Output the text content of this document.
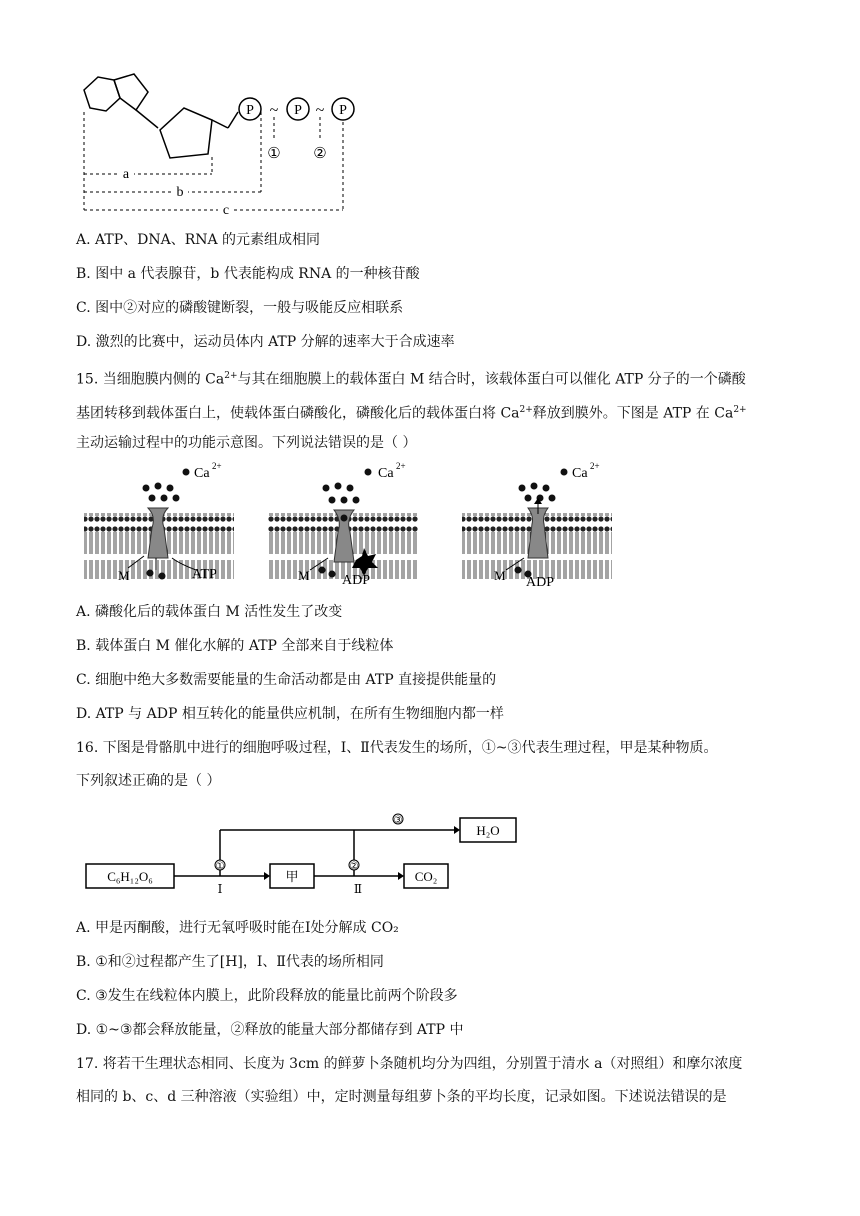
P ~ P ~ P
① ②
a
b
c
A. ATP、DNA、RNA 的元素组成相同
B. 图中 a 代表腺苷，b 代表能构成 RNA 的一种核苷酸
C. 图中②对应的磷酸键断裂，一般与吸能反应相联系
D. 激烈的比赛中，运动员体内 ATP 分解的速率大于合成速率
15. 当细胞膜内侧的 $Ca^{2+}$与其在细胞膜上的载体蛋白 M 结合时，该载体蛋白可以催化 ATP 分子的一个磷酸
基团转移到载体蛋白上，使载体蛋白磷酸化，磷酸化后的载体蛋白将 $Ca^{2+}$释放到膜外。下图是 ATP 在 $Ca^{2+}$
主动运输过程中的功能示意图。下列说法错误的是（ ）
Ca 2+
M	ATP
Ca 2+
M ADP
Ca 2+
M ADP
A. 磷酸化后的载体蛋白 M 活性发生了改变
B. 载体蛋白 M 催化水解的 ATP 全部来自于线粒体
C. 细胞中绝大多数需要能量的生命活动都是由 ATP 直接提供能量的
D. ATP 与 ADP 相互转化的能量供应机制，在所有生物细胞内都一样
16. 下图是骨骼肌中进行的细胞呼吸过程，Ⅰ、Ⅱ代表发生的场所，①~③代表生理过程，甲是某种物质。
下列叙述正确的是（ ）
C₆H₁₂O₆	甲	CO₂
H₂O
①	②
③
Ⅰ	Ⅱ
A. 甲是丙酮酸，进行无氧呼吸时能在Ⅰ处分解成 CO₂
B. ①和②过程都产生了[H]，Ⅰ、Ⅱ代表的场所相同
C. ③发生在线粒体内膜上，此阶段释放的能量比前两个阶段多
D. ①~③都会释放能量，②释放的能量大部分都储存到 ATP 中
17. 将若干生理状态相同、长度为 3cm 的鲜萝卜条随机均分为四组，分别置于清水 a（对照组）和摩尔浓度
相同的 b、c、d 三种溶液（实验组）中，定时测量每组萝卜条的平均长度，记录如图。下述说法错误的是
